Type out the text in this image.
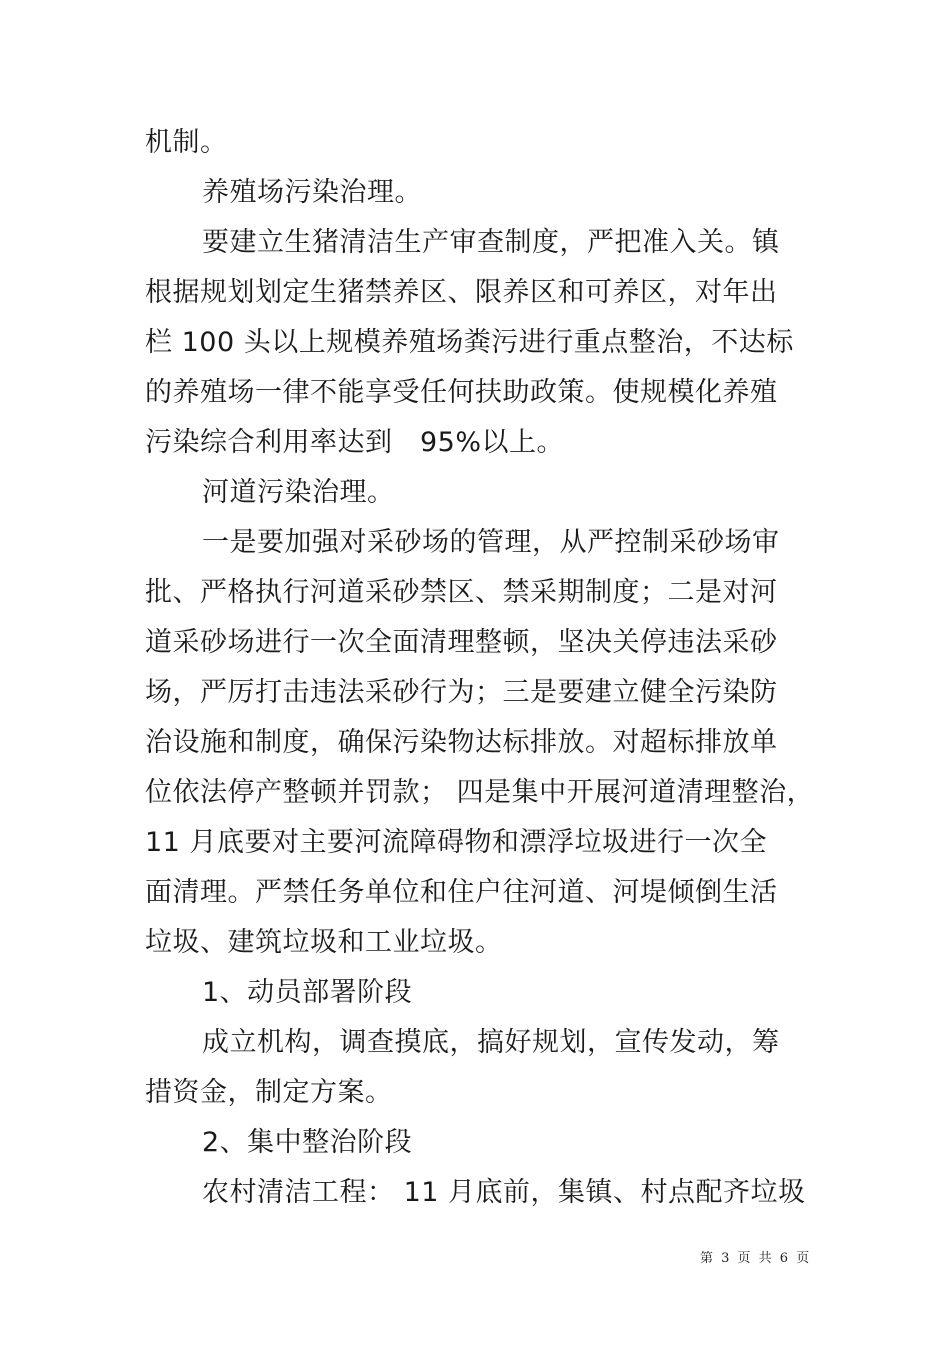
机制。
养殖场污染治理。
要建立生猪清洁生产审查制度，严把准入关。镇
根据规划划定生猪禁养区、限养区和可养区，对年出
栏 100 头以上规模养殖场粪污进行重点整治，不达标
的养殖场一律不能享受任何扶助政策。使规模化养殖
污染综合利用率达到　95%以上。
河道污染治理。
一是要加强对采砂场的管理，从严控制采砂场审
批、严格执行河道采砂禁区、禁采期制度；二是对河
道采砂场进行一次全面清理整顿，坚决关停违法采砂
场，严厉打击违法采砂行为；三是要建立健全污染防
治设施和制度，确保污染物达标排放。对超标排放单
位依法停产整顿并罚款； 四是集中开展河道清理整治，
11 月底要对主要河流障碍物和漂浮垃圾进行一次全
面清理。严禁任务单位和住户往河道、河堤倾倒生活
垃圾、建筑垃圾和工业垃圾。
1、动员部署阶段
成立机构，调查摸底，搞好规划，宣传发动，筹
措资金，制定方案。
2、集中整治阶段
农村清洁工程： 11 月底前，集镇、村点配齐垃圾
第 3 页 共 6 页
